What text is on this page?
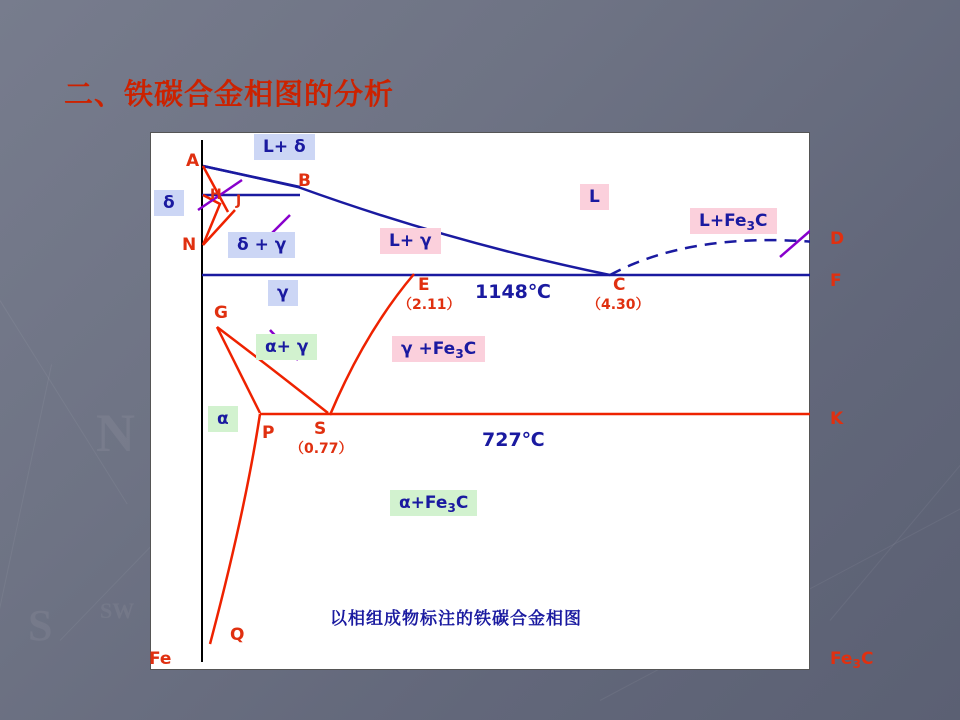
N
S SW
二、铁碳合金相图的分析
A
B
H J
N
E
（2.11）
C
（4.30）
D
F
G
P S
（0.77）
K
Q
Fe	$Fe_3C$
1148℃
727℃
L+ δ
δ
δ + γ
γ
L
L+ γ
$L+Fe_3C$
$\gamma +Fe_3C$
α+ γ
α
$\alpha+Fe_3C$
以相组成物标注的铁碳合金相图
